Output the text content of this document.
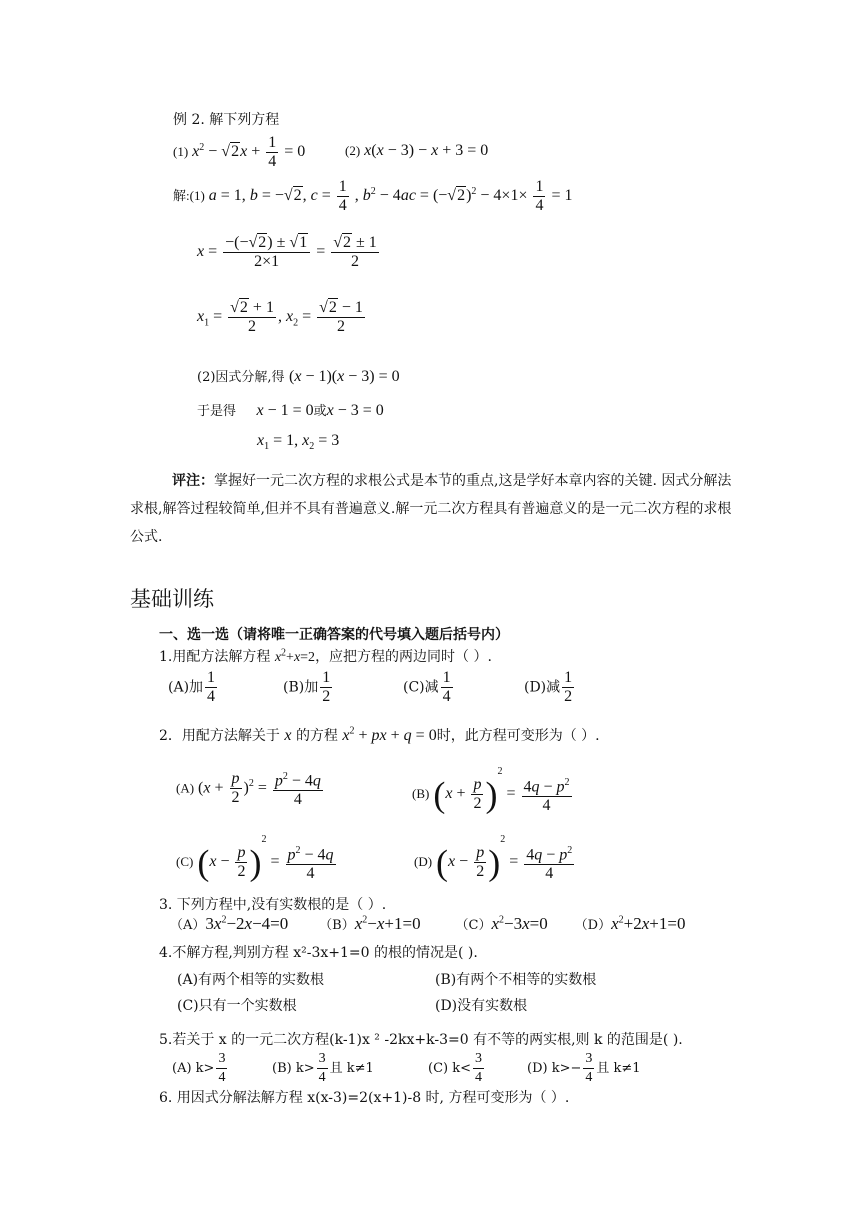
例 2. 解下列方程
(1) $x^2 - √2x + \frac{1}{4} = 0$	(2) x(x − 3) − x + 3 = 0
解:(1) a = 1, b = −√2, $c = \frac{1}{4}$ , $b^2 - 4ac = (-√2)^2 - 4\times 1\times \frac{1}{4} = 1$
$x = \frac{-(-√2) \pm √1}{2\times 1} = \frac{√2 \pm 1}{2}$
$x_1 = \frac{√2 + 1}{2}$ , $x_2 = \frac{√2 - 1}{2}$
(2)因式分解,得 (x − 1)(x − 3) = 0
于是得 x − 1 = 0或x − 3 = 0
$x_1 = 1$, $x_2 = 3$
评注：掌握好一元二次方程的求根公式是本节的重点,这是学好本章内容的关键. 因式分解法求根,解答过程较简单,但并不具有普遍意义.解一元二次方程具有普遍意义的是一元二次方程的求根公式.
基础训练
一、选一选（请将唯一正确答案的代号填入题后括号内）
1.用配方法解方程 $x^2+x=2$，应把方程的两边同时（ ）.
(A)加 $\frac{1}{4}$	(B)加 $\frac{1}{2}$	(C)减 $\frac{1}{4}$	(D)减 $\frac{1}{2}$
2．用配方法解关于 x 的方程 $x^2$ + px + q = 0时，此方程可变形为（ ）.
(A) $(x + \frac{p}{2} )^2 = \frac{p^2 - 4q}{4}$	(B) $(x + \frac{p}{2} )^2 = \frac{4q - p^2}{4}$
(C) $(x - \frac{p}{2} )^2 = \frac{p^2 - 4q}{4}$	(D) $(x - \frac{p}{2} )^2 = \frac{4q - p^2}{4}$
3. 下列方程中,没有实数根的是（ ）.
$(A)3x^2-2x-4=0$ $(B)x^2-x+1=0$	$(C)x^2-3x=0$ $(D)x^2+2x+1=0$
4.不解方程,判别方程 x²-3x+1=0 的根的情况是( ).
(A)有两个相等的实数根	(B)有两个不相等的实数根
(C)只有一个实数根	(D)没有实数根
5.若关于 x 的一元二次方程(k-1)x ² -2kx+k-3=0 有不等的两实根,则 k 的范围是( ).
(A) $k> \frac{3}{4}$	(B) $k> \frac{3}{4}$ 且 k≠1	(C) $k< \frac{3}{4}$	(D) $k>- \frac{3}{4}$ 且 k≠1
6. 用因式分解法解方程 x(x-3)=2(x+1)-8 时, 方程可变形为（ ）.
